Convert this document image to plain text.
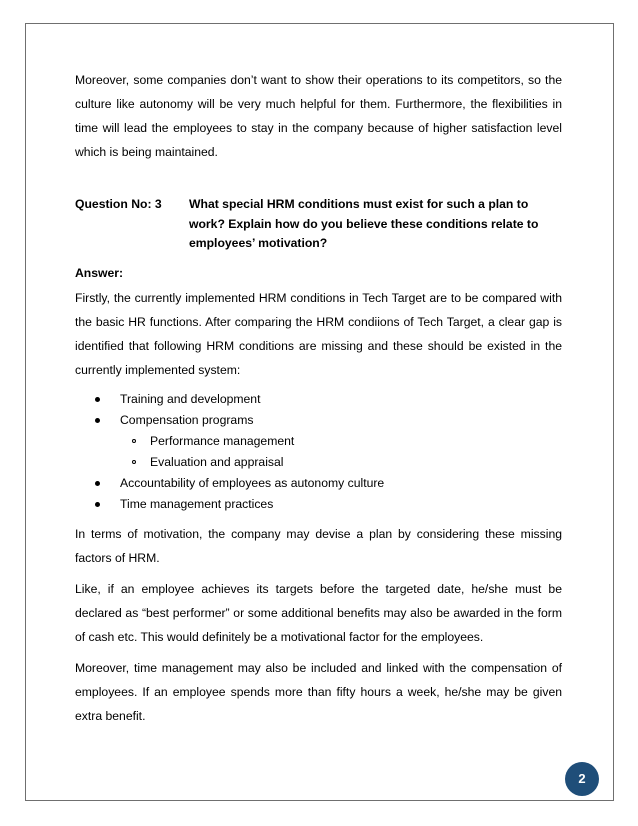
Moreover, some companies don’t want to show their operations to its competitors, so the culture like autonomy will be very much helpful for them. Furthermore, the flexibilities in time will lead the employees to stay in the company because of higher satisfaction level which is being maintained.

Question No: 3	What special HRM conditions must exist for such a plan to work? Explain how do you believe these conditions relate to employees’ motivation?
Answer:

Firstly, the currently implemented HRM conditions in Tech Target are to be compared with the basic HR functions. After comparing the HRM condiions of Tech Target, a clear gap is identified that following HRM conditions are missing and these should be existed in the currently implemented system:

Training and development
Compensation programs
Performance management
Evaluation and appraisal
Accountability of employees as autonomy culture
Time management practices

In terms of motivation, the company may devise a plan by considering these missing factors of HRM.

Like, if an employee achieves its targets before the targeted date, he/she must be declared as “best performer” or some additional benefits may also be awarded in the form of cash etc. This would definitely be a motivational factor for the employees.

Moreover, time management may also be included and linked with the compensation of employees. If an employee spends more than fifty hours a week, he/she may be given extra benefit.

2
